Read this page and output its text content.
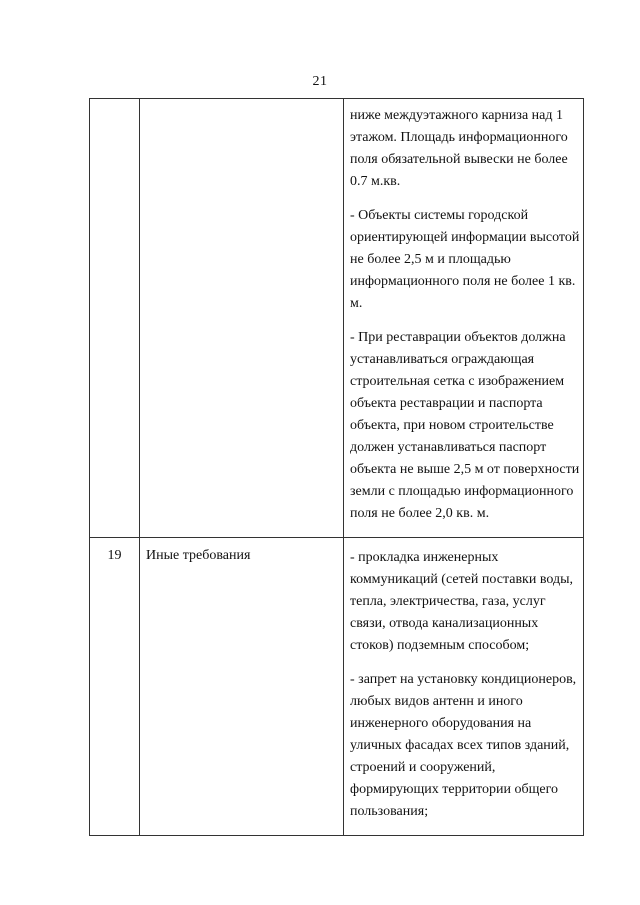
21

		ниже междуэтажного карниза над 1 этажом. Площадь информационного поля обязательной вывески не более 0.7 м.кв.

- Объекты системы городской ориентирующей информации высотой не более 2,5 м и площадью информационного поля не более 1 кв. м.

- При реставрации объектов должна устанавливаться ограждающая строительная сетка с изображением объекта реставрации и паспорта объекта, при новом строительстве должен устанавливаться паспорт объекта не выше 2,5 м от поверхности земли с площадью информационного поля не более 2,0 кв. м.

19	Иные требования	- прокладка инженерных коммуникаций (сетей поставки воды, тепла, электричества, газа, услуг связи, отвода канализационных стоков) подземным способом;

- запрет на установку кондиционеров, любых видов антенн и иного инженерного оборудования на уличных фасадах всех типов зданий, строений и сооружений, формирующих территории общего пользования;
